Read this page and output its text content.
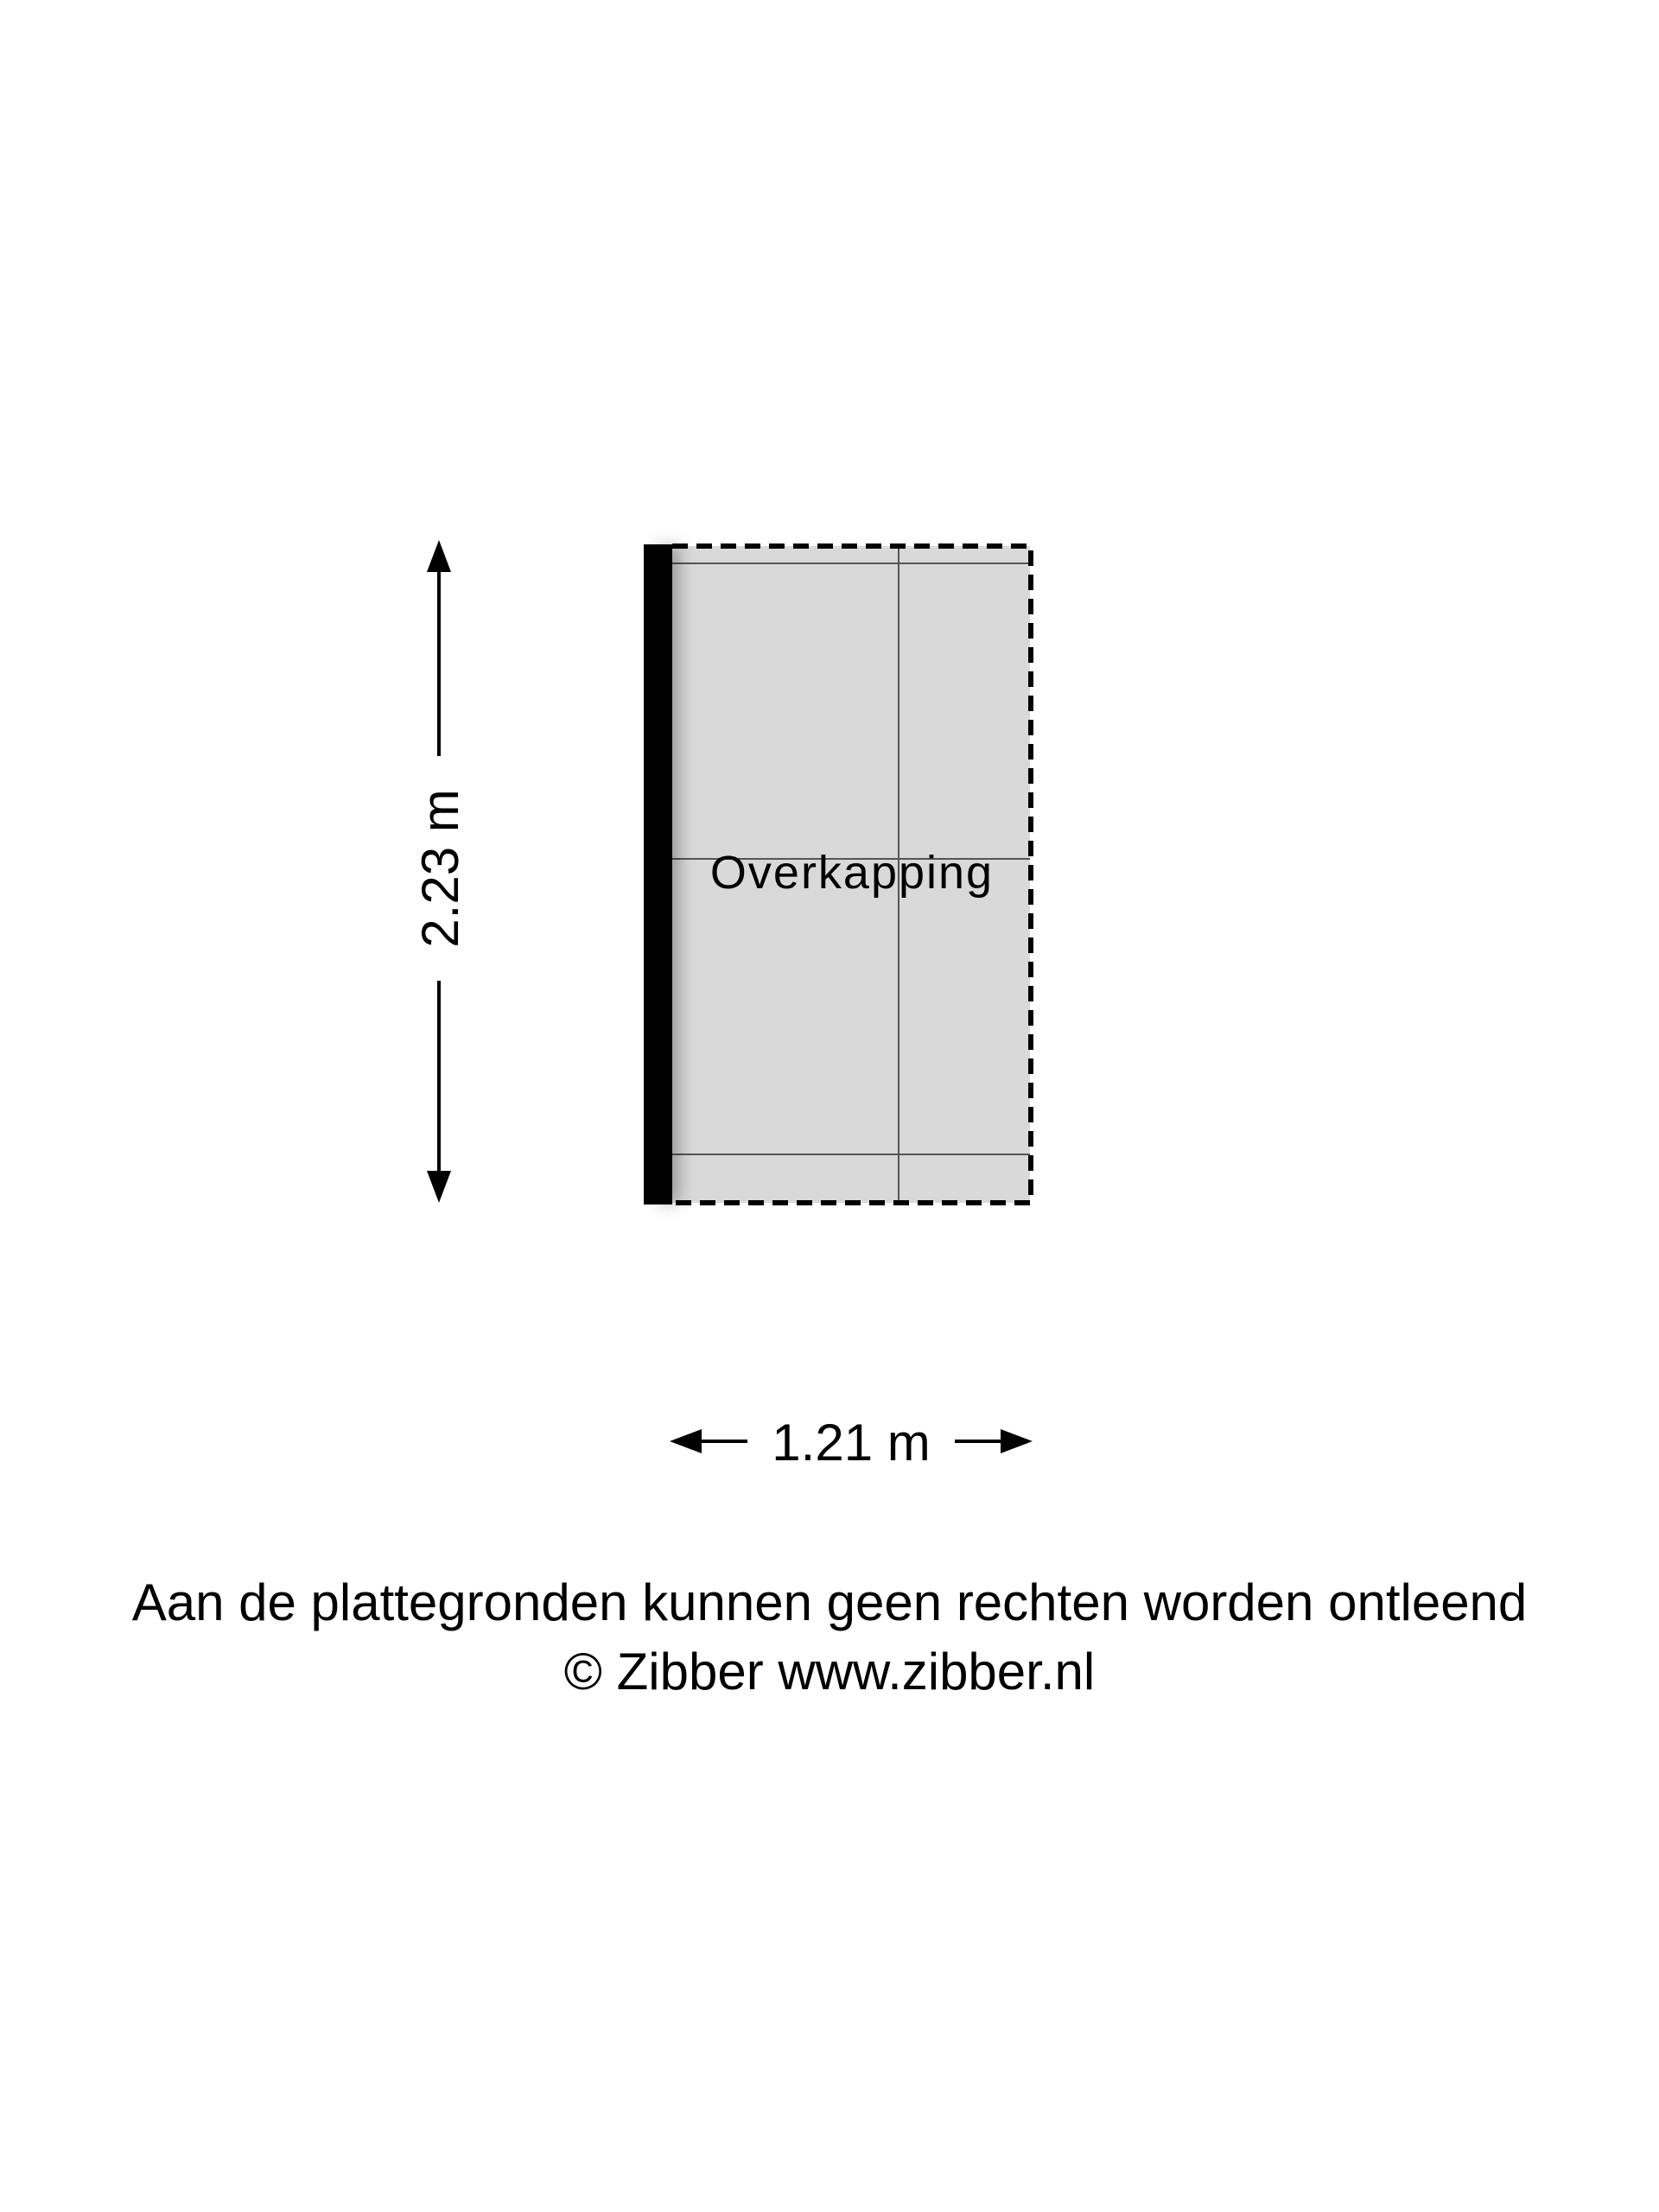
Overkapping
2.23 m
1.21 m
Aan de plattegronden kunnen geen rechten worden ontleend
© Zibber www.zibber.nl
